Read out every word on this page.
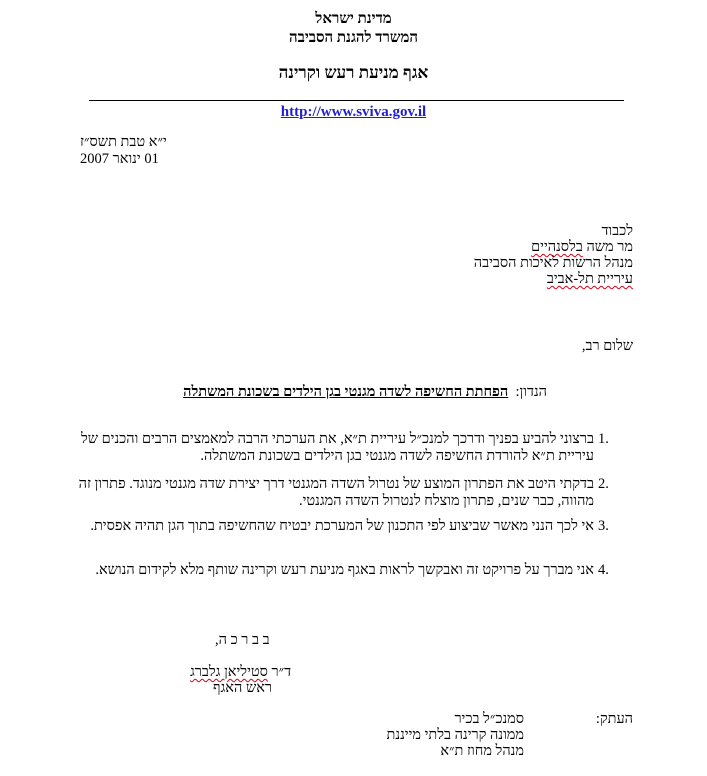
מדינת ישראל
המשרד להגנת הסביבה
אגף מניעת רעש וקרינה
http://www.sviva.gov.il
י״א טבת תשס״ז
01 ינואר 2007
לכבוד
מר משה בלסנהיים
מנהל הרשות לאיכות הסביבה
עיריית תל-אביב
שלום רב,
הנדון:  הפחתת החשיפה לשדה מגנטי בגן הילדים בשכונת המשתלה
1.
ברצוני להביע בפניך ודרכך למנכ״ל עיריית ת״א, את הערכתי הרבה למאמצים הרבים והכנים של עיריית ת״א להורדת החשיפה לשדה מגנטי בגן הילדים בשכונת המשתלה.
2.
בדקתי היטב את הפתרון המוצע של נטרול השדה המגנטי דרך יצירת שדה מגנטי מנוגד. פתרון זה מהווה, כבר שנים, פתרון מוצלח לנטרול השדה המגנטי.
3.
אי לכך הנני מאשר שביצוע לפי התכנון של המערכת יבטיח שהחשיפה בתוך הגן תהיה אפסית.
4.
אני מברך על פרויקט זה ואבקשך לראות באגף מניעת רעש וקרינה שותף מלא לקידום הנושא.
ב ב ר כ ה,
ד״ר סטיליאן גלברג
ראש האגף
העתק:
סמנכ״ל בכיר
ממונה קרינה בלתי מייננת
מנהל מחוז ת״א
